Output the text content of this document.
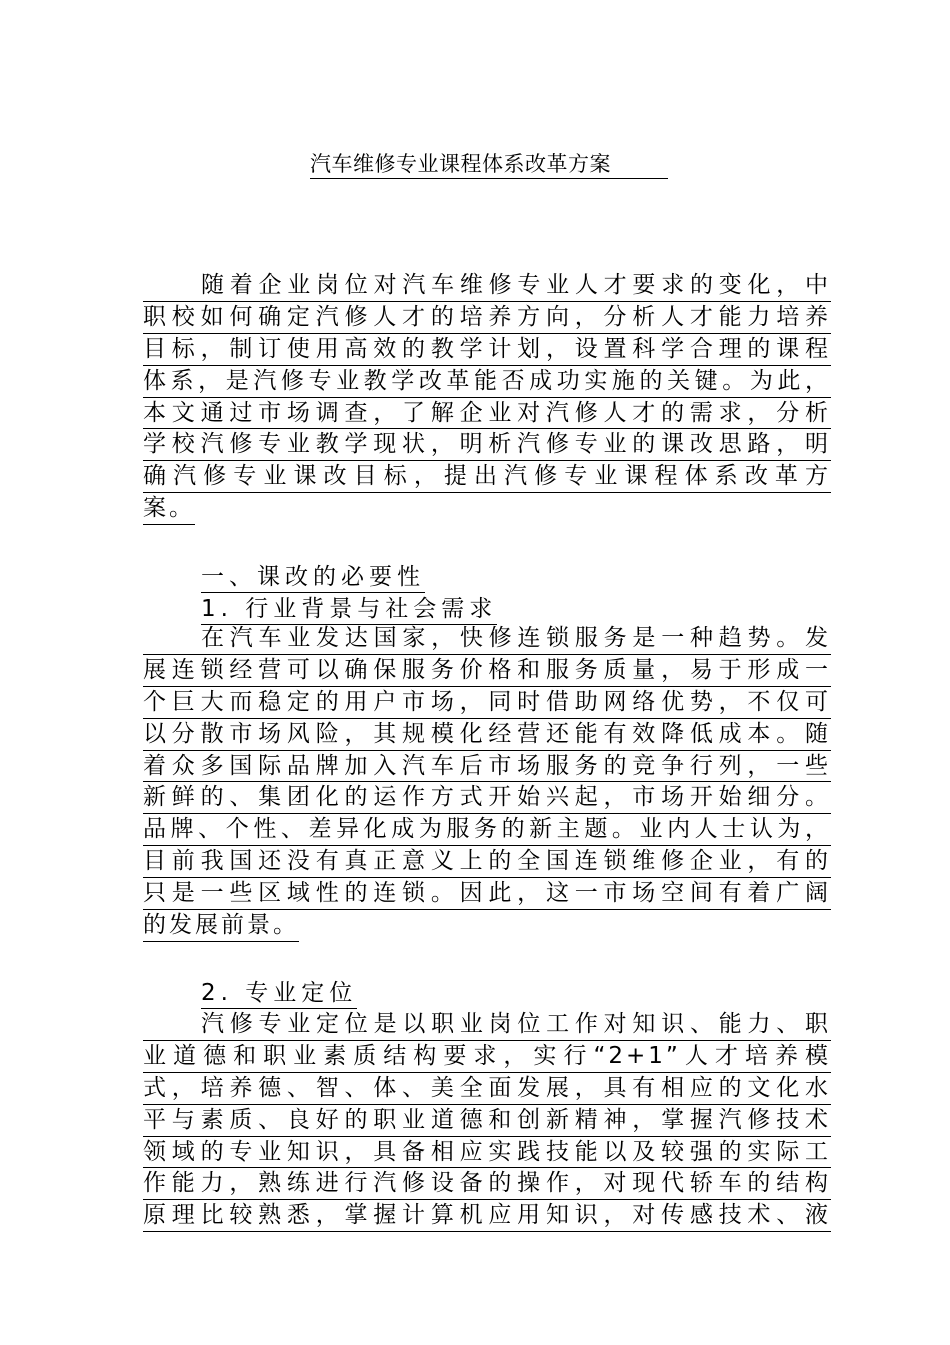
汽车维修专业课程体系改革方案

随着企业岗位对汽车维修专业人才要求的变化，中
职校如何确定汽修人才的培养方向，分析人才能力培养
目标，制订使用高效的教学计划，设置科学合理的课程
体系，是汽修专业教学改革能否成功实施的关键。为此，
本文通过市场调查，了解企业对汽修人才的需求，分析
学校汽修专业教学现状，明析汽修专业的课改思路，明
确汽修专业课改目标，提出汽修专业课程体系改革方
案。

一、课改的必要性
1. 行业背景与社会需求

在汽车业发达国家，快修连锁服务是一种趋势。发
展连锁经营可以确保服务价格和服务质量，易于形成一
个巨大而稳定的用户市场，同时借助网络优势，不仅可
以分散市场风险，其规模化经营还能有效降低成本。随
着众多国际品牌加入汽车后市场服务的竞争行列，一些
新鲜的、集团化的运作方式开始兴起，市场开始细分。
品牌、个性、差异化成为服务的新主题。业内人士认为，
目前我国还没有真正意义上的全国连锁维修企业，有的
只是一些区域性的连锁。因此，这一市场空间有着广阔
的发展前景。

2. 专业定位

汽修专业定位是以职业岗位工作对知识、能力、职
业道德和职业素质结构要求，实行“2+1”人才培养模
式，培养德、智、体、美全面发展，具有相应的文化水
平与素质、良好的职业道德和创新精神，掌握汽修技术
领域的专业知识，具备相应实践技能以及较强的实际工
作能力，熟练进行汽修设备的操作，对现代轿车的结构
原理比较熟悉，掌握计算机应用知识，对传感技术、液
